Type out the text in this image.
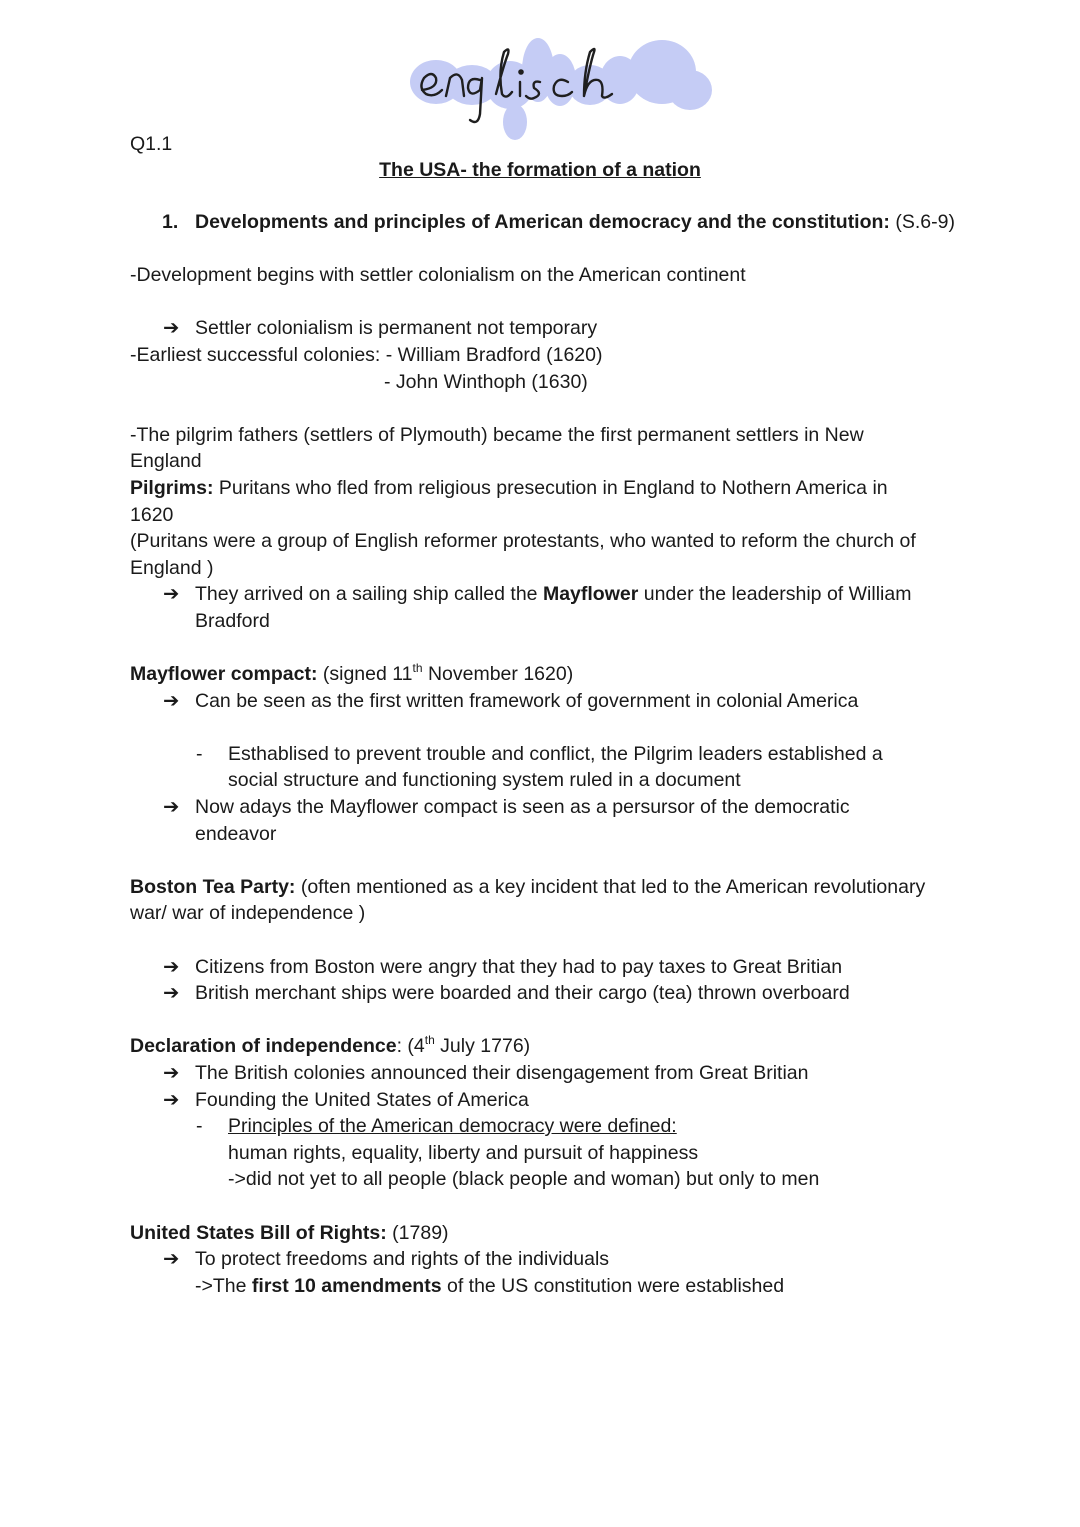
Q1.1
The USA- the formation of a nation
1. Developments and principles of American democracy and the constitution: (S.6-9)
-Development begins with settler colonialism on the American continent
➔ Settler colonialism is permanent not temporary
-Earliest successful colonies: - William Bradford (1620)
- John Winthoph (1630)
-The pilgrim fathers (settlers of Plymouth) became the first permanent settlers in New
England
Pilgrims: Puritans who fled from religious presecution in England to Nothern America in
1620
(Puritans were a group of English reformer protestants, who wanted to reform the church of
England )
➔ They arrived on a sailing ship called the Mayflower under the leadership of William
Bradford
Mayflower compact: (signed 11th November 1620)
➔ Can be seen as the first written framework of government in colonial America
- Esthablised to prevent trouble and conflict, the Pilgrim leaders established a
social structure and functioning system ruled in a document
➔ Now adays the Mayflower compact is seen as a persursor of the democratic
endeavor
Boston Tea Party: (often mentioned as a key incident that led to the American revolutionary
war/ war of independence )
➔ Citizens from Boston were angry that they had to pay taxes to Great Britian
➔ British merchant ships were boarded and their cargo (tea) thrown overboard
Declaration of independence: (4th July 1776)
➔ The British colonies announced their disengagement from Great Britian
➔ Founding the United States of America
- Principles of the American democracy were defined:
human rights, equality, liberty and pursuit of happiness
->did not yet to all people (black people and woman) but only to men
United States Bill of Rights: (1789)
➔ To protect freedoms and rights of the individuals
->The first 10 amendments of the US constitution were established
